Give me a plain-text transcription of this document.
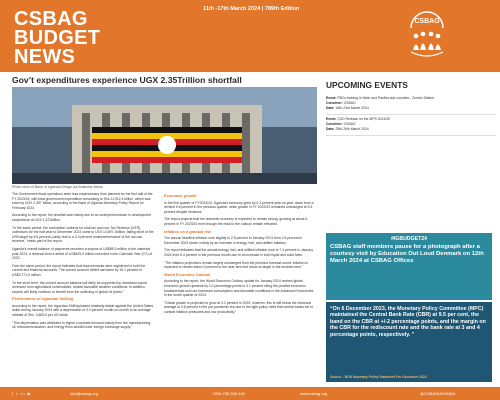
CSBAG
BUDGET
NEWS
11th -17th March 2024 | 789th Edition
CSBAG
Gov’t expenditures experience UGX 2.35Trillion shortfall
Photo view of Bank of Uganda Bridge via Business News

The Government fiscal operations were less expansionary than planned for the first half of the FY 2023/24, with total government expenditure amounting to Shs 11,912.4 billion, which was short by UGX 2,357 billion, according to the Bank of Uganda Monetary Policy Report for February 2024.

According to the report, the shortfall was mainly due to an underperformance in development expenditure of UGX 1,372billion.

"In the same period, the cumulative outturns for total tax and non-Tax Revenue (NTR) collections for the half year to December 2023 came to USX 14,697.1billion, falling short of the UPA target by 6.5 percent, partly due to a 3.3 percent underperformance of the non-tax revenue," reads part of the report.

Uganda’s overall balance of payments recorded a surplus of US$85.3 million in the calendar year 2023, a reversal from a deficit of US$409.0 million recorded in the Calendar Year (CY) of 2022.

Over the same period, the report indicates that improvements were registered in both the current and financial accounts. The current account deficit narrowed by 16.1 percent to US$3,771.6 million.

"In the short term, the current account balance will likely be supported by increased export revenues from agricultural commodities, amidst favorable weather conditions. In addition, exports will likely continue to benefit from the softening of global oil prices."

Performance of Ugandan Shilling

According to the report, the Ugandan Shilling traded relatively stable against the United States dollar during January 2024 with a depreciation of 0.4 percent month-on-month to an average midrate of Shs. 3,800.5 per US dollar.

"This depreciation was attributed to higher corporate demand mainly from the manufacturing, oil, telecommunication, and energy firms amidst lower foreign exchange supply."

Economic growth

In the first quarter of FY2023/24, Uganda's economy grew by 5.3 percent year on year, down from a revised 5.6 percent in the previous quarter, while growth in FY 2022/23 remained unchanged at 5.3 percent despite revisions.

The report projects that the domestic economy is expected to remain strong, growing at about 6 percent in FY 2023/24 even though the risks to the outlook remain elevated.

Inflation on a gradual rise

The annual headline inflation rose slightly to 2.8 percent in January 2024 from 2.6 percent in December 2023 driven mainly by an increase in energy, fuel, and utilities inflation.

The report indicates that the annual energy, fuel, and utilities inflation rose to 7.4 percent in January 2024 from 6.4 percent in the previous month due to an increase in both liquid and solid fuels.

"The inflation projections remain largely unchanged from the previous forecast round. Inflation is expected to remain below 5 percent in the near term but return to target in the medium term."

World Economic Outlook

According to the report, the World Economic Outlook update for January 2024 revised global economic growth upwards by 0.2 percentage points to 3.1 percent citing the positive economic fundamentals such as increased consumption and favorable conditions in the Advanced Economies in the fourth quarter of 2023.

"Global growth is projected to grow at 3.2 percent in 2025, however, this is still below the historical average of 3.8 percent in the pre-pandemic era due to the tight policy rates that central banks set to combat inflation pressures and low productivity."

UPCOMING EVENTS
Event: PBCs training in Wein and Pacilha sub-counties - Zombo District
Convener: CSBAG
Date: 18th-23rd March 2024
Event: CSO Release on the MPS 2024/25
Convener: CSBAG
Date: 25th-26th March 2024
#IGBUDGET24
CSBAG staff members pause for a photograph after a courtesy visit by Education Out Loud Denmark on 12th March 2024 at CSBAG Offices
“On 6 December 2023, the Monetary Policy Committee (MPC) maintained the Central Bank Rate (CBR) at 9.5 per cent, the band on the CBR at +/-2 percentage points, and the margin on the CBR for the rediscount rate and the bank rate at 3 and 4 percentage points, respectively. ”
Source – BOU Monetary Policy Statement For December 2023
f t in ▶	info@csbag.org	+256-755-305-164	www.csbag.org	@CSBAGUGANDA
